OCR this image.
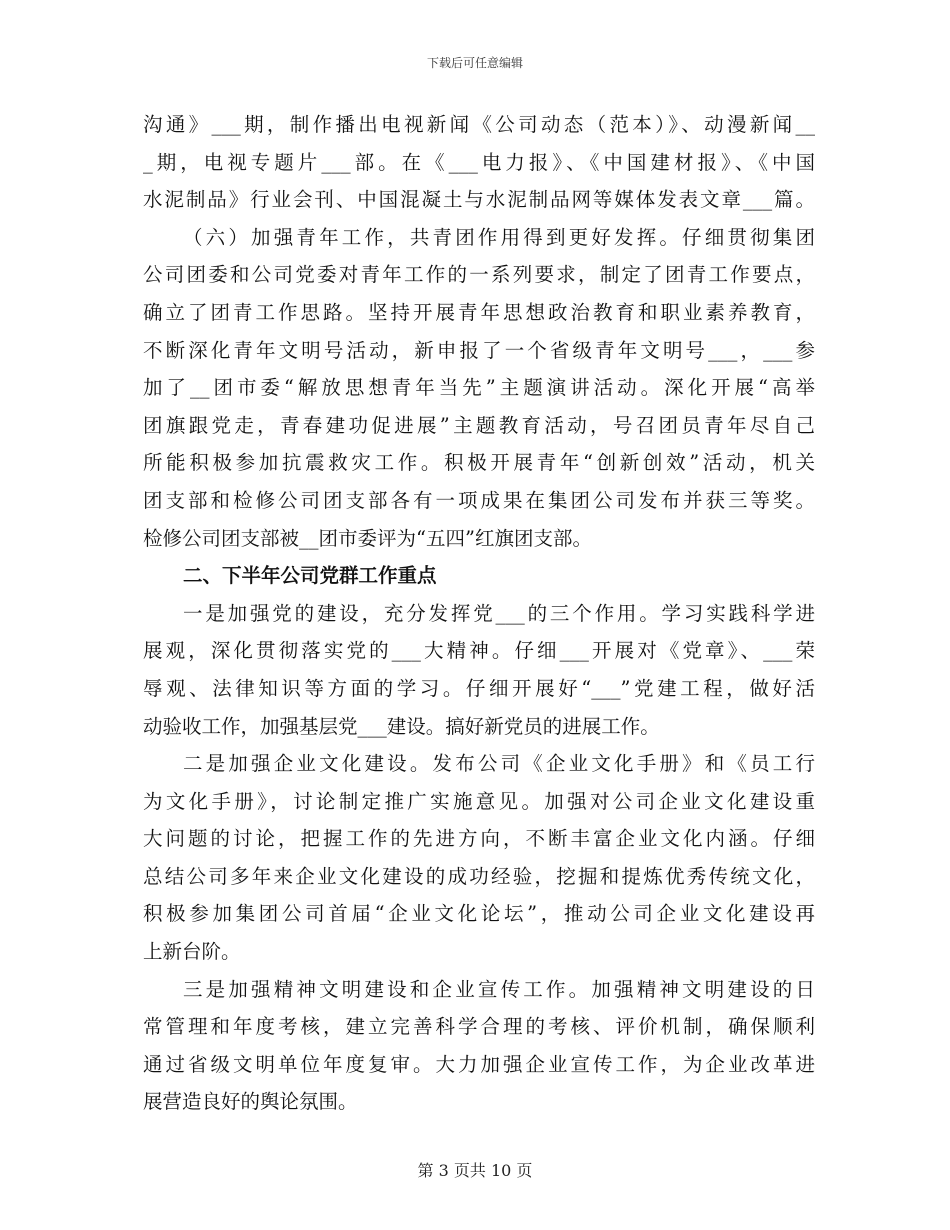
下载后可任意编辑
沟通》___期，制作播出电视新闻《公司动态（范本）》、动漫新闻__
_期，电视专题片___部。在《___电力报》、《中国建材报》、《中国
水泥制品》行业会刊、中国混凝土与水泥制品网等媒体发表文章___篇。
（六）加强青年工作，共青团作用得到更好发挥。仔细贯彻集团
公司团委和公司党委对青年工作的一系列要求，制定了团青工作要点，
确立了团青工作思路。坚持开展青年思想政治教育和职业素养教育，
不断深化青年文明号活动，新申报了一个省级青年文明号___，___参
加了__团市委“解放思想青年当先”主题演讲活动。深化开展“高举
团旗跟党走，青春建功促进展”主题教育活动，号召团员青年尽自己
所能积极参加抗震救灾工作。积极开展青年“创新创效”活动，机关
团支部和检修公司团支部各有一项成果在集团公司发布并获三等奖。
检修公司团支部被__团市委评为“五四”红旗团支部。
二、下半年公司党群工作重点
一是加强党的建设，充分发挥党___的三个作用。学习实践科学进
展观，深化贯彻落实党的___大精神。仔细___开展对《党章》、___荣
辱观、法律知识等方面的学习。仔细开展好“___”党建工程，做好活
动验收工作，加强基层党___建设。搞好新党员的进展工作。
二是加强企业文化建设。发布公司《企业文化手册》和《员工行
为文化手册》，讨论制定推广实施意见。加强对公司企业文化建设重
大问题的讨论，把握工作的先进方向，不断丰富企业文化内涵。仔细
总结公司多年来企业文化建设的成功经验，挖掘和提炼优秀传统文化，
积极参加集团公司首届“企业文化论坛”，推动公司企业文化建设再
上新台阶。
三是加强精神文明建设和企业宣传工作。加强精神文明建设的日
常管理和年度考核，建立完善科学合理的考核、评价机制，确保顺利
通过省级文明单位年度复审。大力加强企业宣传工作，为企业改革进
展营造良好的舆论氛围。
第 3 页共 10 页
